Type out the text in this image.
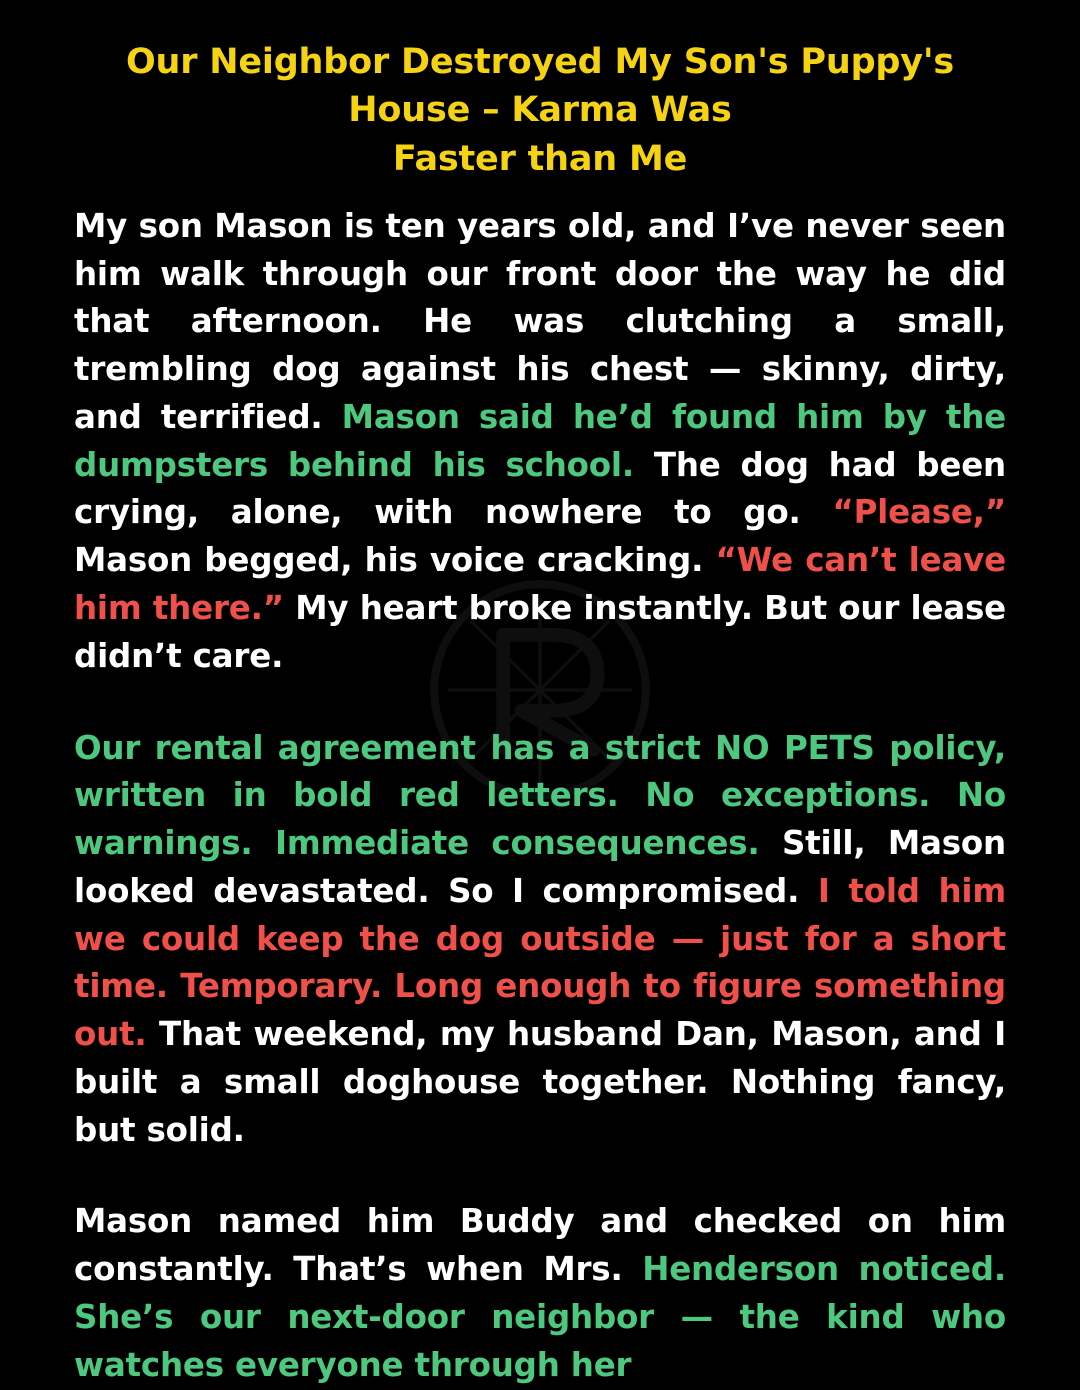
Our Neighbor Destroyed My Son's Puppy's
House – Karma Was
Faster than Me

My son Mason is ten years old, and I’ve never seen him walk through our front door the way he did that afternoon. He was clutching a small, trembling dog against his chest — skinny, dirty, and terrified. Mason said he’d found him by the dumpsters behind his school. The dog had been crying, alone, with nowhere to go. “Please,” Mason begged, his voice cracking. “We can’t leave him there.” My heart broke instantly. But our lease didn’t care.

Our rental agreement has a strict NO PETS policy, written in bold red letters. No exceptions. No warnings. Immediate consequences. Still, Mason looked devastated. So I compromised. I told him we could keep the dog outside — just for a short time. Temporary. Long enough to figure something out. That weekend, my husband Dan, Mason, and I built a small doghouse together. Nothing fancy, but solid.

Mason named him Buddy and checked on him constantly. That’s when Mrs. Henderson noticed. She’s our next-door neighbor — the kind who watches everyone through her
